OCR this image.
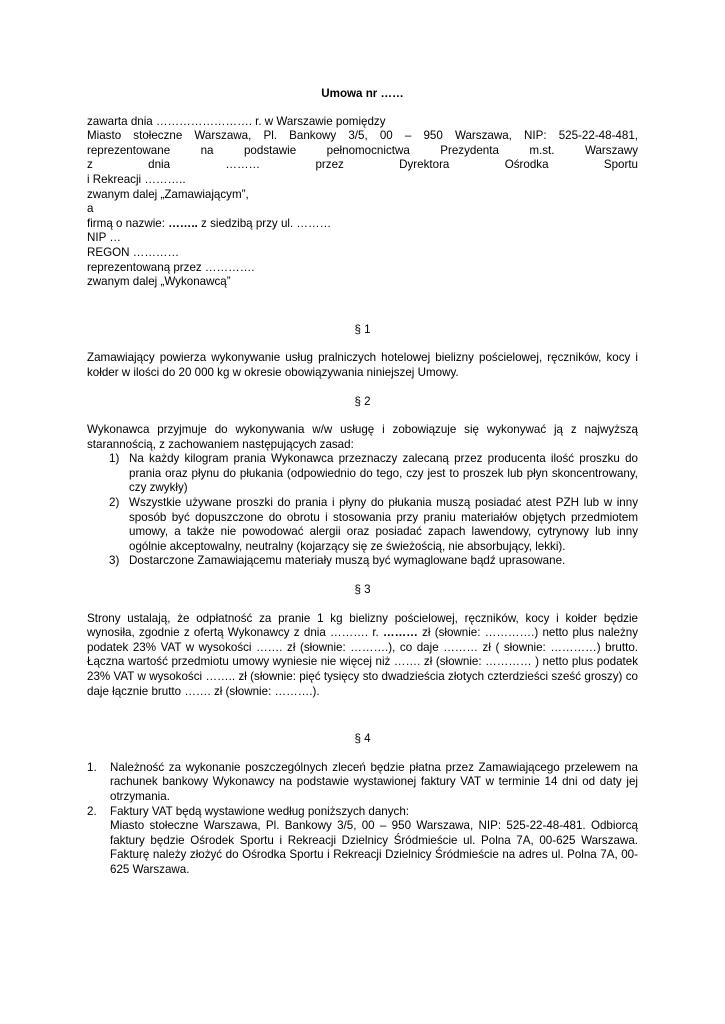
Umowa nr ……

zawarta dnia ……………………. r. w Warszawie pomiędzy
Miasto stołeczne Warszawa, Pl. Bankowy 3/5, 00 – 950 Warszawa, NIP: 525-22-48-481,
reprezentowane na podstawie pełnomocnictwa Prezydenta m.st. Warszawy
z dnia ……… przez Dyrektora Ośrodka Sportu
i Rekreacji ………..
zwanym dalej „Zamawiającym”,
a
firmą o nazwie: …….. z siedzibą przy ul. ………
NIP …
REGON …………
reprezentowaną przez ………….
zwanym dalej „Wykonawcą”

§ 1

Zamawiający powierza wykonywanie usług pralniczych hotelowej bielizny pościelowej, ręczników, kocy i kołder w ilości do 20 000 kg w okresie obowiązywania niniejszej Umowy.

§ 2

Wykonawca przyjmuje do wykonywania w/w usługę i zobowiązuje się wykonywać ją z najwyższą starannością, z zachowaniem następujących zasad:

1) Na każdy kilogram prania Wykonawca przeznaczy zalecaną przez producenta ilość proszku do prania oraz płynu do płukania (odpowiednio do tego, czy jest to proszek lub płyn skoncentrowany, czy zwykły)
2) Wszystkie używane proszki do prania i płyny do płukania muszą posiadać atest PZH lub w inny sposób być dopuszczone do obrotu i stosowania przy praniu materiałów objętych przedmiotem umowy, a także nie powodować alergii oraz posiadać zapach lawendowy, cytrynowy lub inny ogólnie akceptowalny, neutralny (kojarzący się ze świeżością, nie absorbujący, lekki).
3) Dostarczone Zamawiającemu materiały muszą być wymaglowane bądź uprasowane.

§ 3

Strony ustalają, że odpłatność za pranie 1 kg bielizny pościelowej, ręczników, kocy i kołder będzie wynosiła, zgodnie z ofertą Wykonawcy z dnia ………. r. ……… zł (słownie: ………….) netto plus należny podatek 23% VAT w wysokości ……. zł (słownie: ……….), co daje ……… zł ( słownie: …………) brutto. Łączna wartość przedmiotu umowy wyniesie nie więcej niż ……. zł (słownie: ………… ) netto plus podatek 23% VAT w wysokości …….. zł (słownie: pięć tysięcy sto dwadzieścia złotych czterdzieści sześć groszy) co daje łącznie brutto ……. zł (słownie: ……….).

§ 4

1. Należność za wykonanie poszczególnych zleceń będzie płatna przez Zamawiającego przelewem na rachunek bankowy Wykonawcy na podstawie wystawionej faktury VAT w terminie 14 dni od daty jej otrzymania.
2. Faktury VAT będą wystawione według poniższych danych:
Miasto stołeczne Warszawa, Pl. Bankowy 3/5, 00 – 950 Warszawa, NIP: 525-22-48-481. Odbiorcą faktury będzie Ośrodek Sportu i Rekreacji Dzielnicy Śródmieście ul. Polna 7A, 00-625 Warszawa. Fakturę należy złożyć do Ośrodka Sportu i Rekreacji Dzielnicy Śródmieście na adres ul. Polna 7A, 00-625 Warszawa.
